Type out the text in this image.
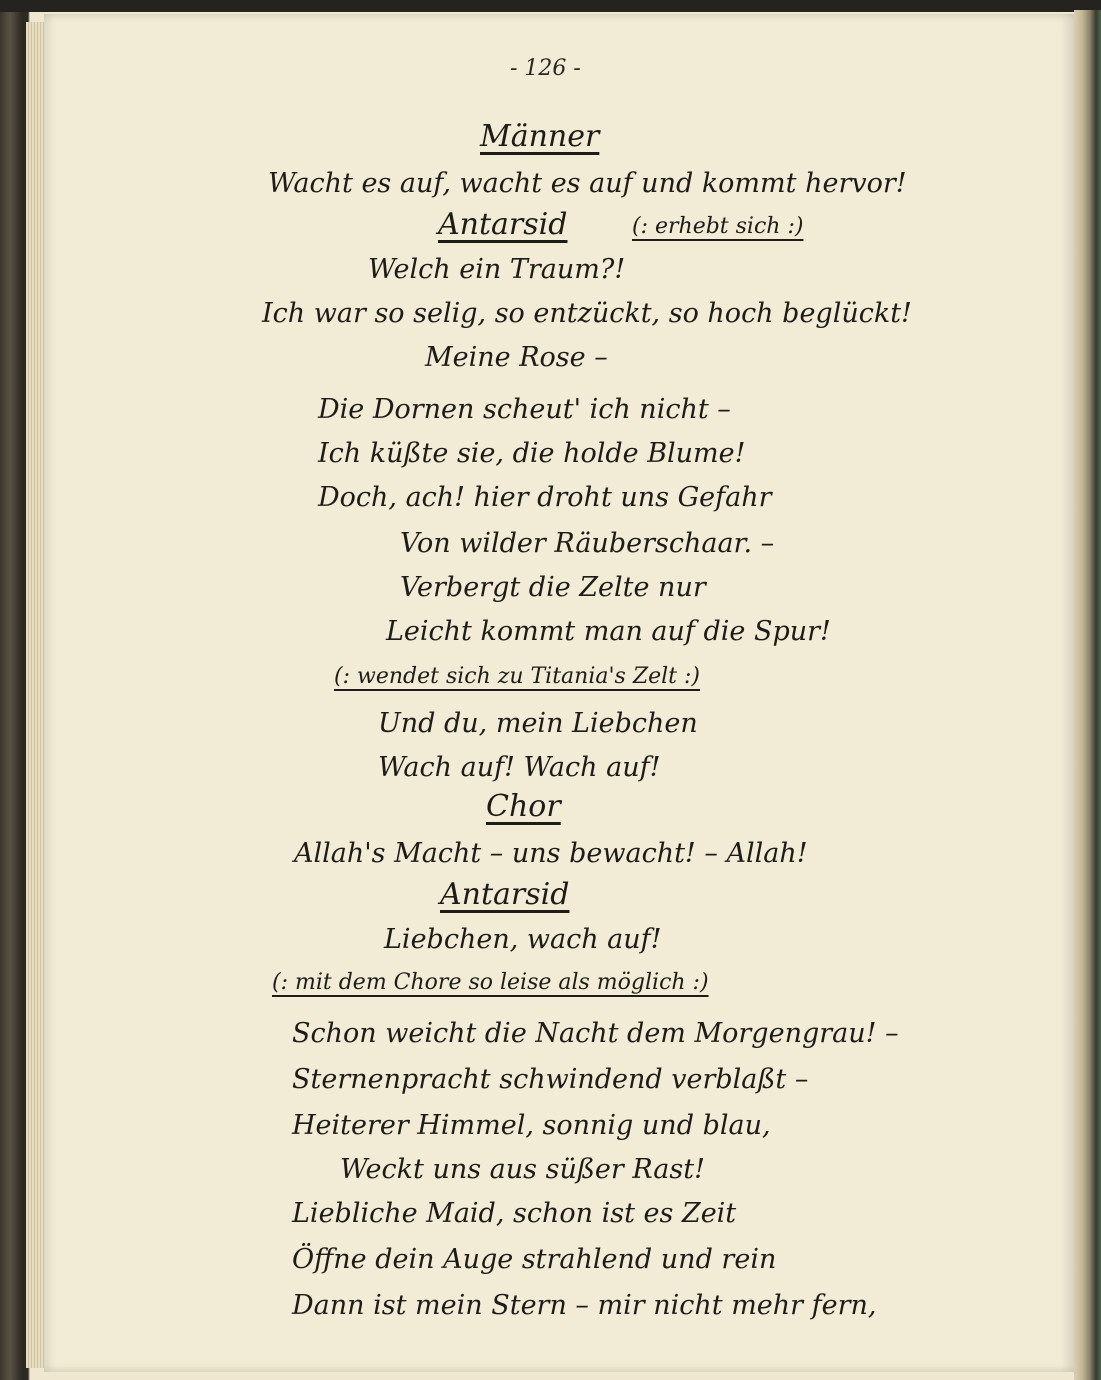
- 126 -
Männer
Wacht es auf, wacht es auf und kommt hervor!
Antarsid	(: erhebt sich :)
Welch ein Traum?!
Ich war so selig, so entzückt, so hoch beglückt!
Meine Rose –
Die Dornen scheut' ich nicht –
Ich küßte sie, die holde Blume!
Doch, ach! hier droht uns Gefahr
Von wilder Räuberschaar. –
Verbergt die Zelte nur
Leicht kommt man auf die Spur!
(: wendet sich zu Titania's Zelt :)
Und du, mein Liebchen
Wach auf! Wach auf!
Chor
Allah's Macht – uns bewacht! – Allah!
Antarsid
Liebchen, wach auf!
(: mit dem Chore so leise als möglich :)
Schon weicht die Nacht dem Morgengrau! –
Sternenpracht schwindend verblaßt –
Heiterer Himmel, sonnig und blau,
Weckt uns aus süßer Rast!
Liebliche Maid, schon ist es Zeit
Öffne dein Auge strahlend und rein
Dann ist mein Stern – mir nicht mehr fern,
